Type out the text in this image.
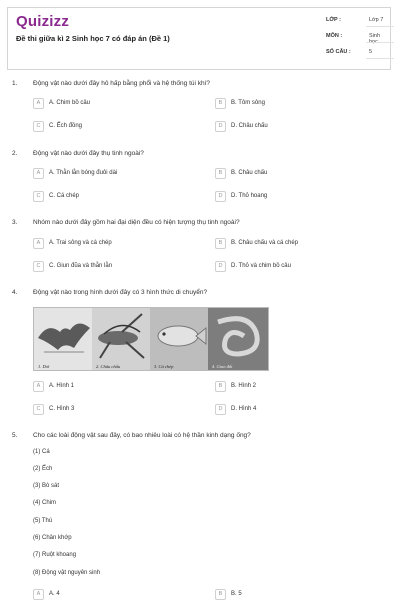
Quizizz
Đề thi giữa kì 2 Sinh học 7 có đáp án (Đề 1)
LỚP :	Lớp 7
MÔN :	Sinh học
SỐ CÂU :	5
1. Động vật nào dưới đây hô hấp bằng phổi và hệ thống túi khí?
A	A. Chim bồ câu	B	B. Tôm sông
C	C. Ếch đồng	D	D. Châu chấu
2. Động vật nào dưới đây thụ tinh ngoài?
A	A. Thằn lằn bóng đuôi dài	B	B. Châu chấu
C	C. Cá chép	D	D. Thỏ hoang
3. Nhóm nào dưới đây gồm hai đại diện đều có hiện tượng thụ tinh ngoài?
A	A. Trai sông và cá chép	B	B. Châu chấu và cá chép
C	C. Giun đũa và thằn lằn	D	D. Thỏ và chim bồ câu
4. Động vật nào trong hình dưới đây có 3 hình thức di chuyển?
1. Dơi	2. Châu chấu	3. Cá chép	4. Giun đất
A	A. Hình 1	B	B. Hình 2
C	C. Hình 3	D	D. Hình 4
5. Cho các loài động vật sau đây, có bao nhiêu loài có hệ thần kinh dạng ống?
(1) Cá
(2) Ếch
(3) Bò sát
(4) Chim
(5) Thú
(6) Chân khớp
(7) Ruột khoang
(8) Động vật nguyên sinh
A	A. 4	B	B. 5
